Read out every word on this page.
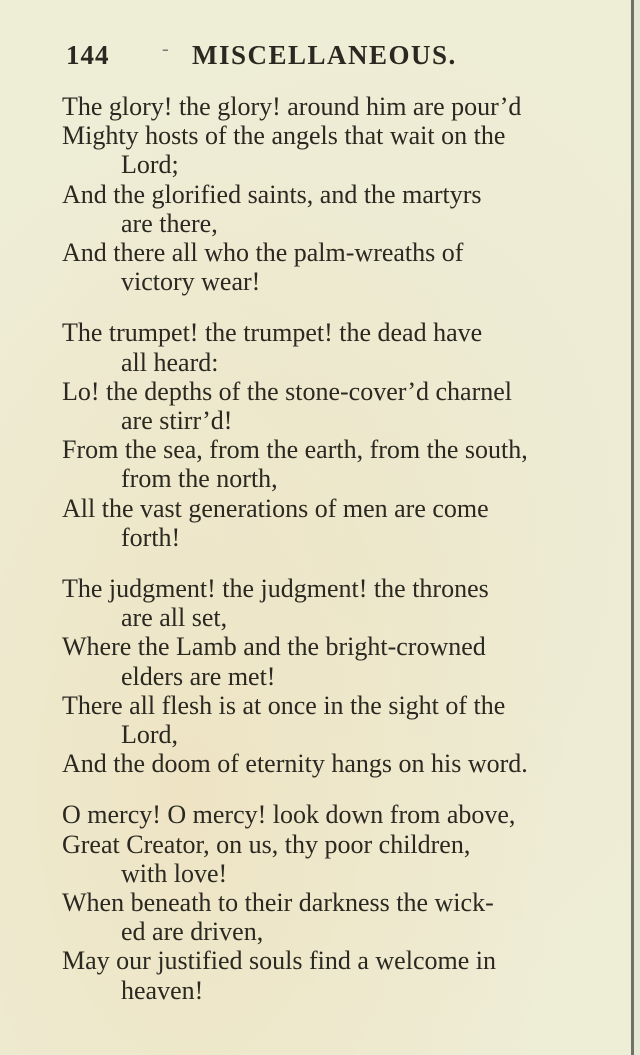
144	- MISCELLANEOUS.
The glory! the glory! around him are pour’d
Mighty hosts of the angels that wait on the
Lord;
And the glorified saints, and the martyrs
are there,
And there all who the palm-wreaths of
victory wear!
The trumpet! the trumpet! the dead have
all heard:
Lo! the depths of the stone-cover’d charnel
are stirr’d!
From the sea, from the earth, from the south,
from the north,
All the vast generations of men are come
forth!
The judgment! the judgment! the thrones
are all set,
Where the Lamb and the bright-crowned
elders are met!
There all flesh is at once in the sight of the
Lord,
And the doom of eternity hangs on his word.
O mercy! O mercy! look down from above,
Great Creator, on us, thy poor children,
with love!
When beneath to their darkness the wick-
ed are driven,
May our justified souls find a welcome in
heaven!
